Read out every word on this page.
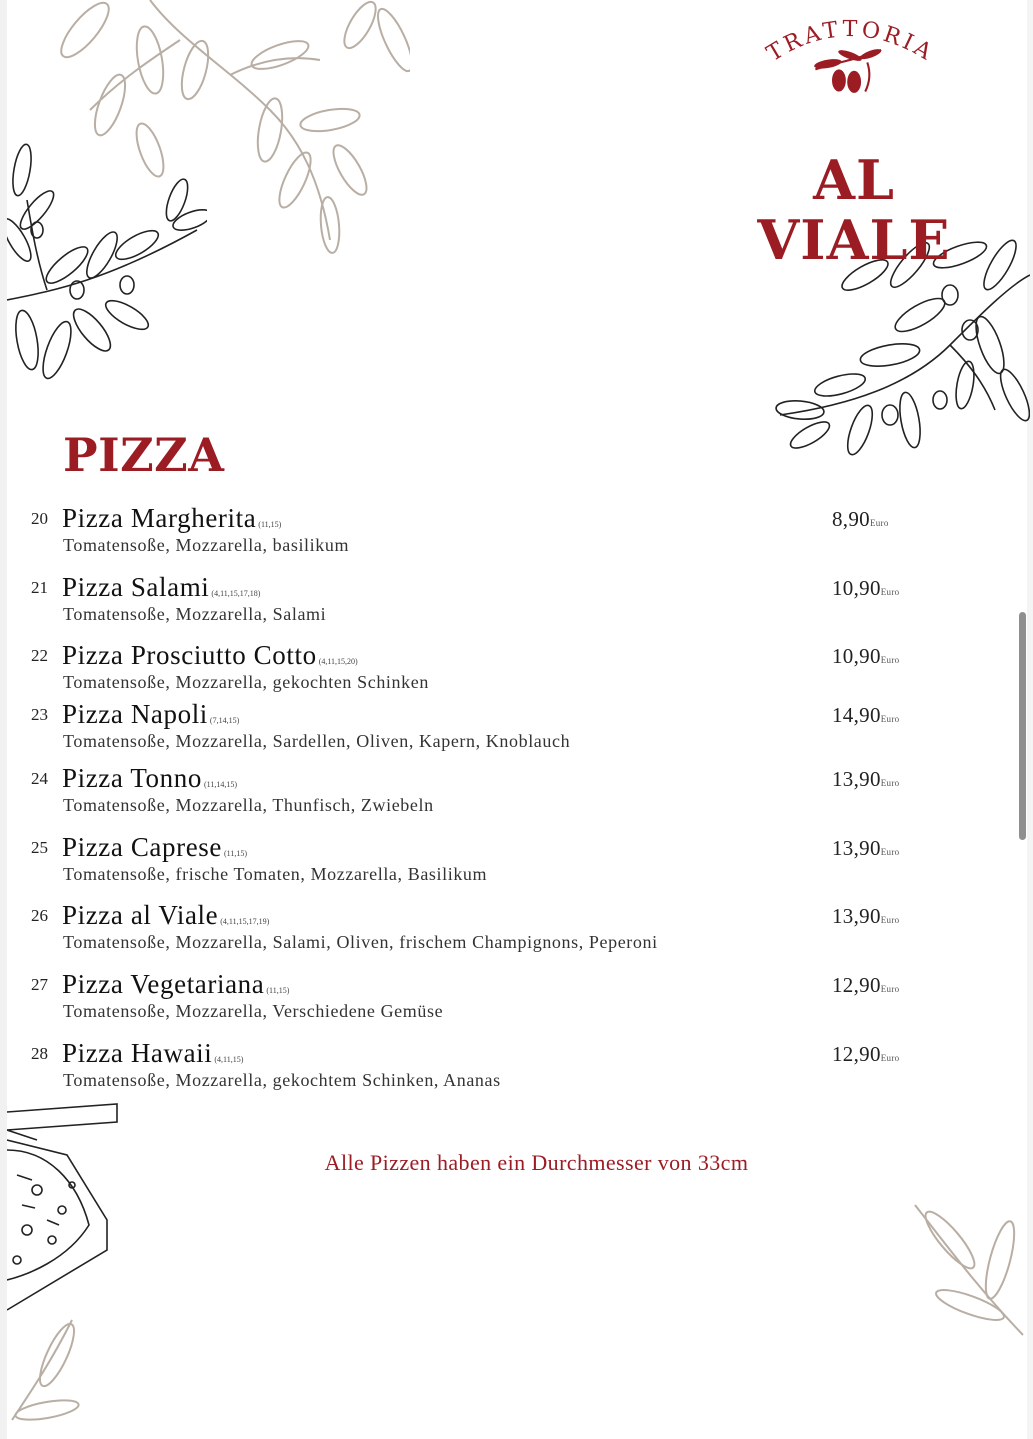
TRATTORIA
AL VIALE
PIZZA
20 Pizza Margherita (11,15)
Tomatensoße, Mozzarella, basilikum
8,90Euro
21 Pizza Salami (4,11,15,17,18)
Tomatensoße, Mozzarella, Salami
10,90Euro
22 Pizza Prosciutto Cotto (4,11,15,20)
Tomatensoße, Mozzarella, gekochten Schinken
10,90Euro
23 Pizza Napoli (7,14,15)
Tomatensoße, Mozzarella, Sardellen, Oliven, Kapern, Knoblauch
14,90Euro
24 Pizza Tonno (11,14,15)
Tomatensoße, Mozzarella, Thunfisch, Zwiebeln
13,90Euro
25 Pizza Caprese (11,15)
Tomatensoße, frische Tomaten, Mozzarella, Basilikum
13,90Euro
26 Pizza al Viale (4,11,15,17,19)
Tomatensoße, Mozzarella, Salami, Oliven, frischem Champignons, Peperoni
13,90Euro
27 Pizza Vegetariana (11,15)
Tomatensoße, Mozzarella, Verschiedene Gemüse
12,90Euro
28 Pizza Hawaii (4,11,15)
Tomatensoße, Mozzarella, gekochtem Schinken, Ananas
12,90Euro
Alle Pizzen haben ein Durchmesser von 33cm
